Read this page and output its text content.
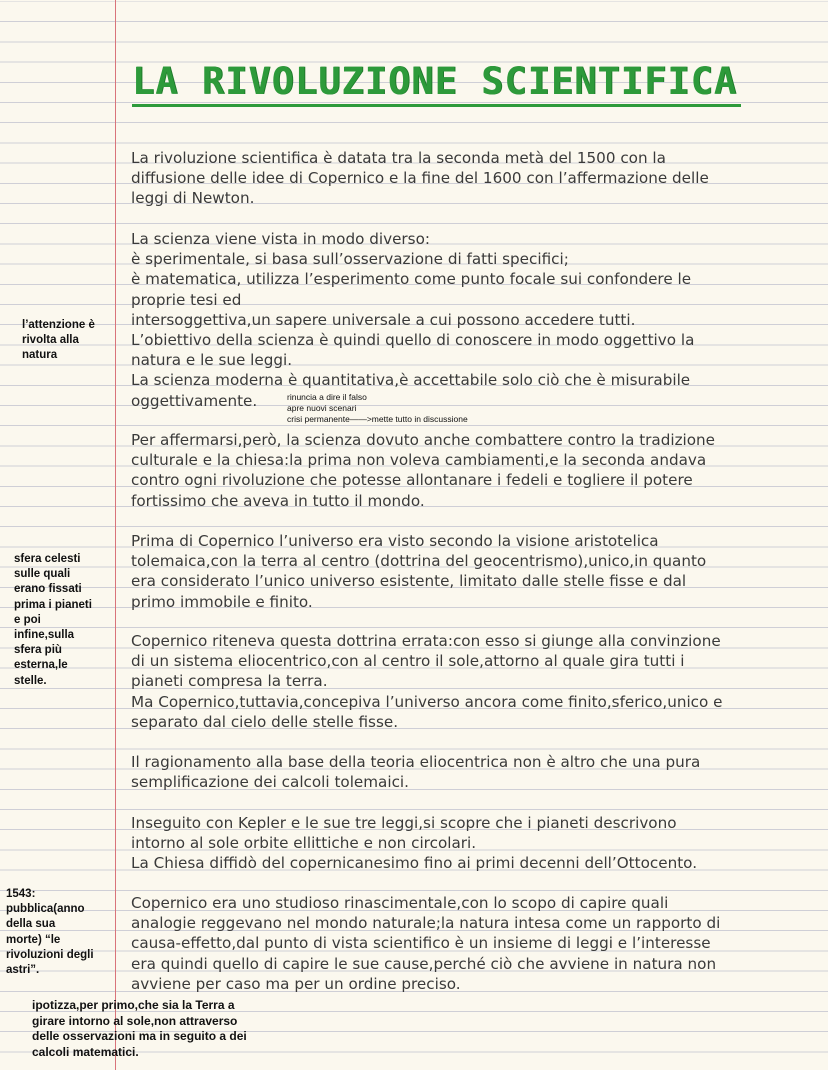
LA RIVOLUZIONE SCIENTIFICA
La rivoluzione scientifica è datata tra la seconda metà del 1500 con la
diffusione delle idee di Copernico e la fine del 1600 con l’affermazione delle
leggi di Newton.
La scienza viene vista in modo diverso:
è sperimentale, si basa sull’osservazione di fatti specifici;
è matematica, utilizza l’esperimento come punto focale sui confondere le
proprie tesi ed
intersoggettiva,un sapere universale a cui possono accedere tutti.
L’obiettivo della scienza è quindi quello di conoscere in modo oggettivo la
natura e le sue leggi.
La scienza moderna è quantitativa,è accettabile solo ciò che è misurabile
oggettivamente.	rinuncia a dire il falso
apre nuovi scenari
crisi permanente——>mette tutto in discussione
Per affermarsi,però, la scienza dovuto anche combattere contro la tradizione
culturale e la chiesa:la prima non voleva cambiamenti,e la seconda andava
contro ogni rivoluzione che potesse allontanare i fedeli e togliere il potere
fortissimo che aveva in tutto il mondo.
Prima di Copernico l’universo era visto secondo la visione aristotelica
tolemaica,con la terra al centro (dottrina del geocentrismo),unico,in quanto
era considerato l’unico universo esistente, limitato dalle stelle fisse e dal
primo immobile e finito.
Copernico riteneva questa dottrina errata:con esso si giunge alla convinzione
di un sistema eliocentrico,con al centro il sole,attorno al quale gira tutti i
pianeti compresa la terra.
Ma Copernico,tuttavia,concepiva l’universo ancora come finito,sferico,unico e
separato dal cielo delle stelle fisse.
Il ragionamento alla base della teoria eliocentrica non è altro che una pura
semplificazione dei calcoli tolemaici.
Inseguito con Kepler e le sue tre leggi,si scopre che i pianeti descrivono
intorno al sole orbite ellittiche e non circolari.
La Chiesa diffidò del copernicanesimo fino ai primi decenni dell’Ottocento.
Copernico era uno studioso rinascimentale,con lo scopo di capire quali
analogie reggevano nel mondo naturale;la natura intesa come un rapporto di
causa-effetto,dal punto di vista scientifico è un insieme di leggi e l’interesse
era quindi quello di capire le sue cause,perché ciò che avviene in natura non
avviene per caso ma per un ordine preciso.
l’attenzione è
rivolta alla
natura
sfera celesti
sulle quali
erano fissati
prima i pianeti
e poi
infine,sulla
sfera più
esterna,le
stelle.
1543:
pubblica(anno
della sua
morte) “le
rivoluzioni degli
astri”.
ipotizza,per primo,che sia la Terra a
girare intorno al sole,non attraverso
delle osservazioni ma in seguito a dei
calcoli matematici.
